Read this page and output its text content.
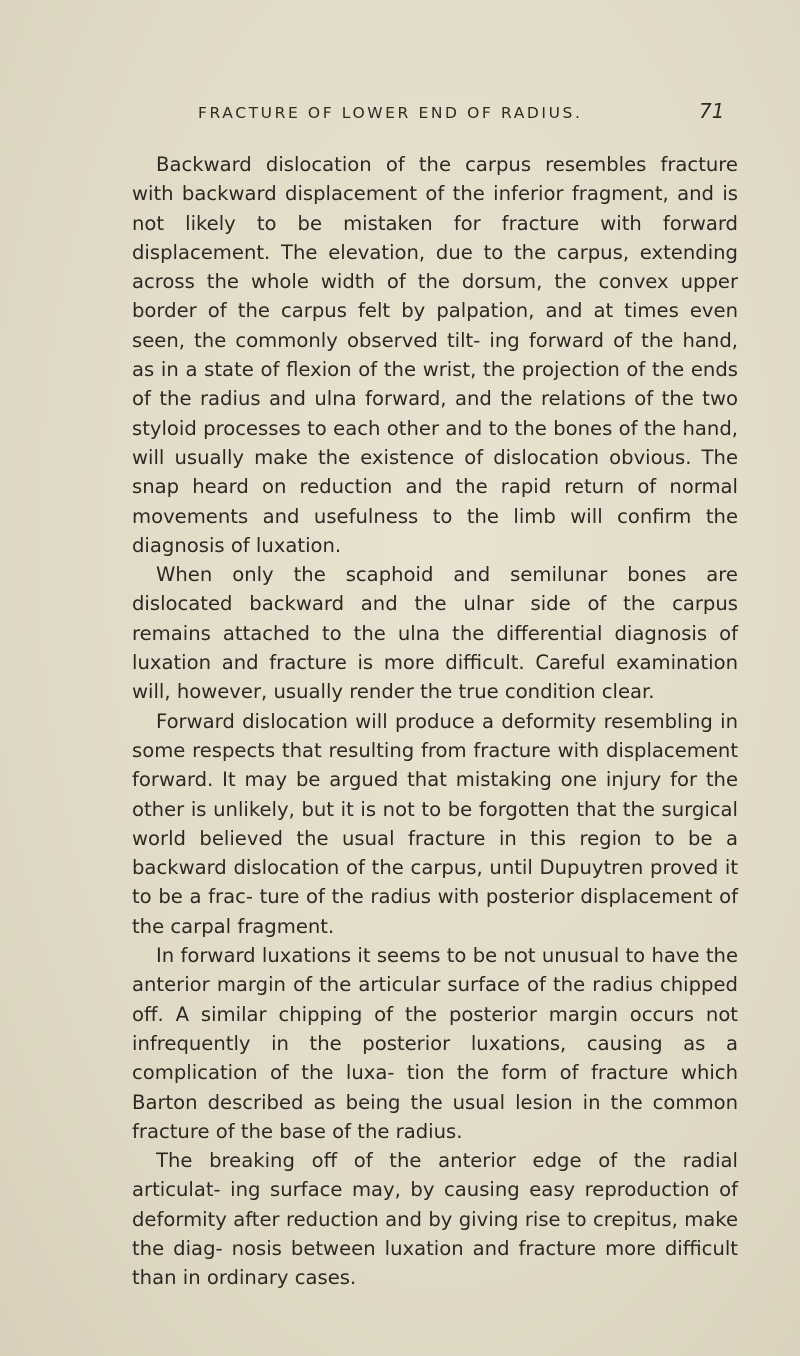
FRACTURE OF LOWER END OF RADIUS.	71

Backward dislocation of the carpus resembles fracture with backward displacement of the inferior fragment, and is not likely to be mistaken for fracture with forward displacement. The elevation, due to the carpus, extending across the whole width of the dorsum, the convex upper border of the carpus felt by palpation, and at times even seen, the commonly observed tilt- ing forward of the hand, as in a state of flexion of the wrist, the projection of the ends of the radius and ulna forward, and the relations of the two styloid processes to each other and to the bones of the hand, will usually make the existence of dislocation obvious. The snap heard on reduction and the rapid return of normal movements and usefulness to the limb will confirm the diagnosis of luxation.

When only the scaphoid and semilunar bones are dislocated backward and the ulnar side of the carpus remains attached to the ulna the differential diagnosis of luxation and fracture is more difficult. Careful examination will, however, usually render the true condition clear.

Forward dislocation will produce a deformity resembling in some respects that resulting from fracture with displacement forward. It may be argued that mistaking one injury for the other is unlikely, but it is not to be forgotten that the surgical world believed the usual fracture in this region to be a backward dislocation of the carpus, until Dupuytren proved it to be a frac- ture of the radius with posterior displacement of the carpal fragment.

In forward luxations it seems to be not unusual to have the anterior margin of the articular surface of the radius chipped off. A similar chipping of the posterior margin occurs not infrequently in the posterior luxations, causing as a complication of the luxa- tion the form of fracture which Barton described as being the usual lesion in the common fracture of the base of the radius.

The breaking off of the anterior edge of the radial articulat- ing surface may, by causing easy reproduction of deformity after reduction and by giving rise to crepitus, make the diag- nosis between luxation and fracture more difficult than in ordinary cases.
